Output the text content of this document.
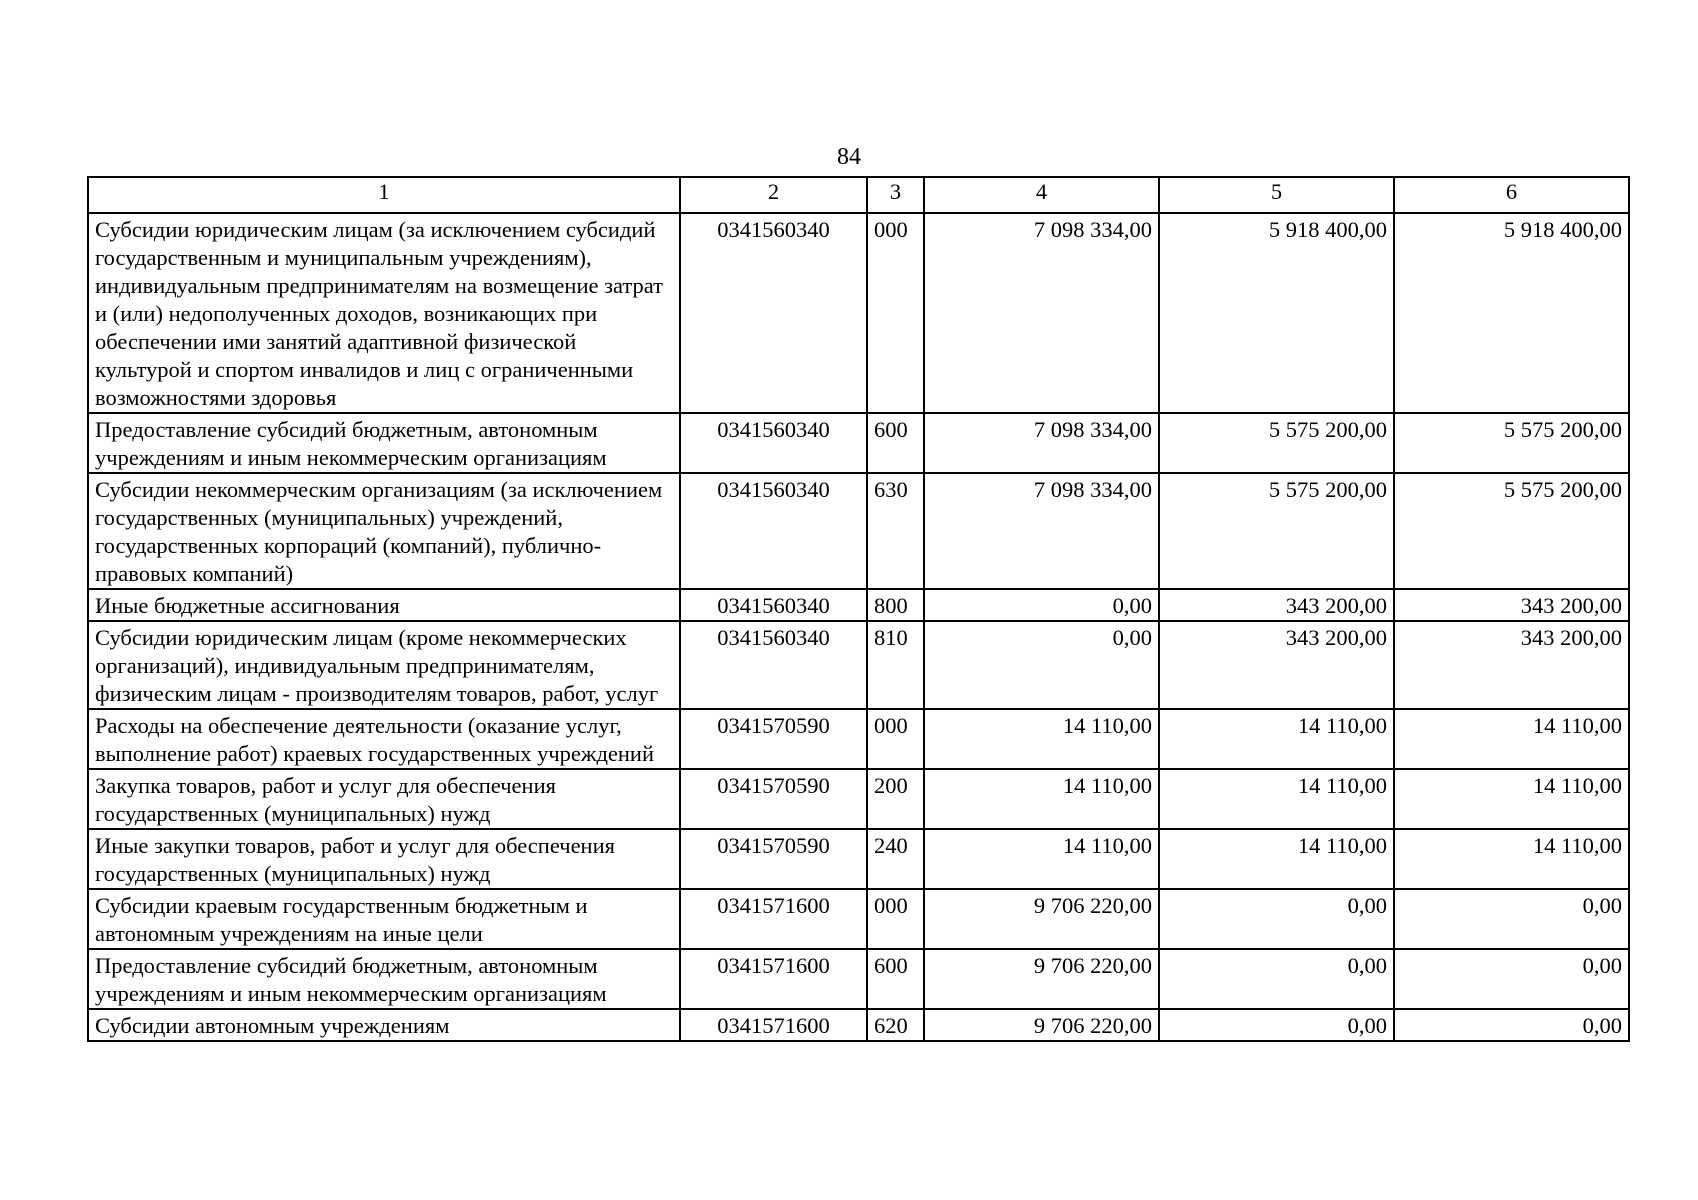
84
1	2	3	4	5	6
Субсидии юридическим лицам (за исключением субсидий государственным и муниципальным учреждениям), индивидуальным предпринимателям на возмещение затрат и (или) недополученных доходов, возникающих при обеспечении ими занятий адаптивной физической культурой и спортом инвалидов и лиц с ограниченными возможностями здоровья	0341560340	000	7 098 334,00	5 918 400,00	5 918 400,00
Предоставление субсидий бюджетным, автономным учреждениям и иным некоммерческим организациям	0341560340	600	7 098 334,00	5 575 200,00	5 575 200,00
Субсидии некоммерческим организациям (за исключением государственных (муниципальных) учреждений, государственных корпораций (компаний), публично-правовых компаний)	0341560340	630	7 098 334,00	5 575 200,00	5 575 200,00
Иные бюджетные ассигнования	0341560340	800	0,00	343 200,00	343 200,00
Субсидии юридическим лицам (кроме некоммерческих организаций), индивидуальным предпринимателям, физическим лицам - производителям товаров, работ, услуг	0341560340	810	0,00	343 200,00	343 200,00
Расходы на обеспечение деятельности (оказание услуг, выполнение работ) краевых государственных учреждений	0341570590	000	14 110,00	14 110,00	14 110,00
Закупка товаров, работ и услуг для обеспечения государственных (муниципальных) нужд	0341570590	200	14 110,00	14 110,00	14 110,00
Иные закупки товаров, работ и услуг для обеспечения государственных (муниципальных) нужд	0341570590	240	14 110,00	14 110,00	14 110,00
Субсидии краевым государственным бюджетным и автономным учреждениям на иные цели	0341571600	000	9 706 220,00	0,00	0,00
Предоставление субсидий бюджетным, автономным учреждениям и иным некоммерческим организациям	0341571600	600	9 706 220,00	0,00	0,00
Субсидии автономным учреждениям	0341571600	620	9 706 220,00	0,00	0,00
